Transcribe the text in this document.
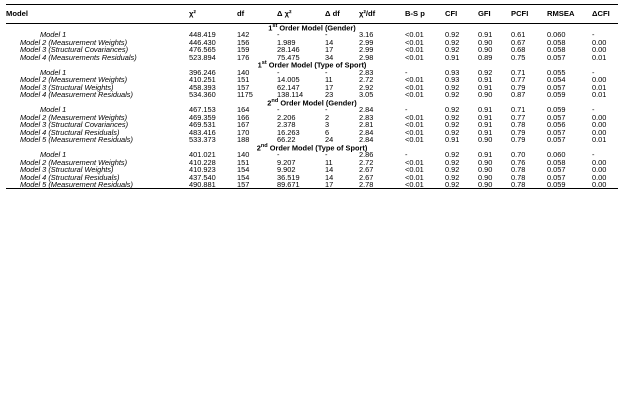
Model	χ²	df	Δ χ²	Δ df	χ²/df	B-S p	CFI	GFI	PCFI	RMSEA	ΔCFI
1st Order Model (Gender)											
Model 1	448.419	142	-	-	3.16	<0.01	0.92	0.91	0.61	0.060	-
Model 2 (Measurement Weights)	446.430	156	1.989	14	2.99	<0.01	0.92	0.90	0.67	0.058	0.00
Model 3 (Structural Covariances)	476.565	159	28.146	17	2.99	<0.01	0.92	0.90	0.68	0.058	0.00
Model 4 (Measurements Residuals)	523.894	176	75.475	34	2.98	<0.01	0.91	0.89	0.75	0.057	0.01
1st Order Model (Type of Sport)											
Model 1	396.246	140	-	-	2.83	-	0.93	0.92	0.71	0.055	-
Model 2 (Measurement Weights)	410.251	151	14.005	11	2.72	<0.01	0.93	0.91	0.77	0.054	0.00
Model 3 (Structural Weights)	458.393	157	62.147	17	2.92	<0.01	0.92	0.91	0.79	0.057	0.01
Model 4 (Measurement Residuals)	534.360	1175	138.114	23	3.05	<0.01	0.92	0.90	0.87	0.059	0.01
2nd Order Model (Gender)											
Model 1	467.153	164	-	-	2.84	-	0.92	0.91	0.71	0.059	-
Model 2 (Measurement Weights)	469.359	166	2.206	2	2.83	<0.01	0.92	0.91	0.77	0.057	0.00
Model 3 (Structural Covariances)	469.531	167	2.378	3	2.81	<0.01	0.92	0.91	0.78	0.056	0.00
Model 4 (Structural Residuals)	483.416	170	16.263	6	2.84	<0.01	0.92	0.91	0.79	0.057	0.00
Model 5 (Measurement Residuals)	533.373	188	66.22	24	2.84	<0.01	0.91	0.90	0.79	0.057	0.01
2nd Order Model (Type of Sport)											
Model 1	401.021	140	-	-	2.86	-	0.92	0.91	0.70	0.060	-
Model 2 (Measurement Weights)	410.228	151	9.207	11	2.72	<0.01	0.92	0.90	0.76	0.058	0.00
Model 3 (Structural Weights)	410.923	154	9.902	14	2.67	<0.01	0.92	0.90	0.78	0.057	0.00
Model 4 (Structural Residuals)	437.540	154	36.519	14	2.67	<0.01	0.92	0.90	0.78	0.057	0.00
Model 5 (Measurement Residuals)	490.881	157	89.671	17	2.78	<0.01	0.92	0.90	0.78	0.059	0.00
